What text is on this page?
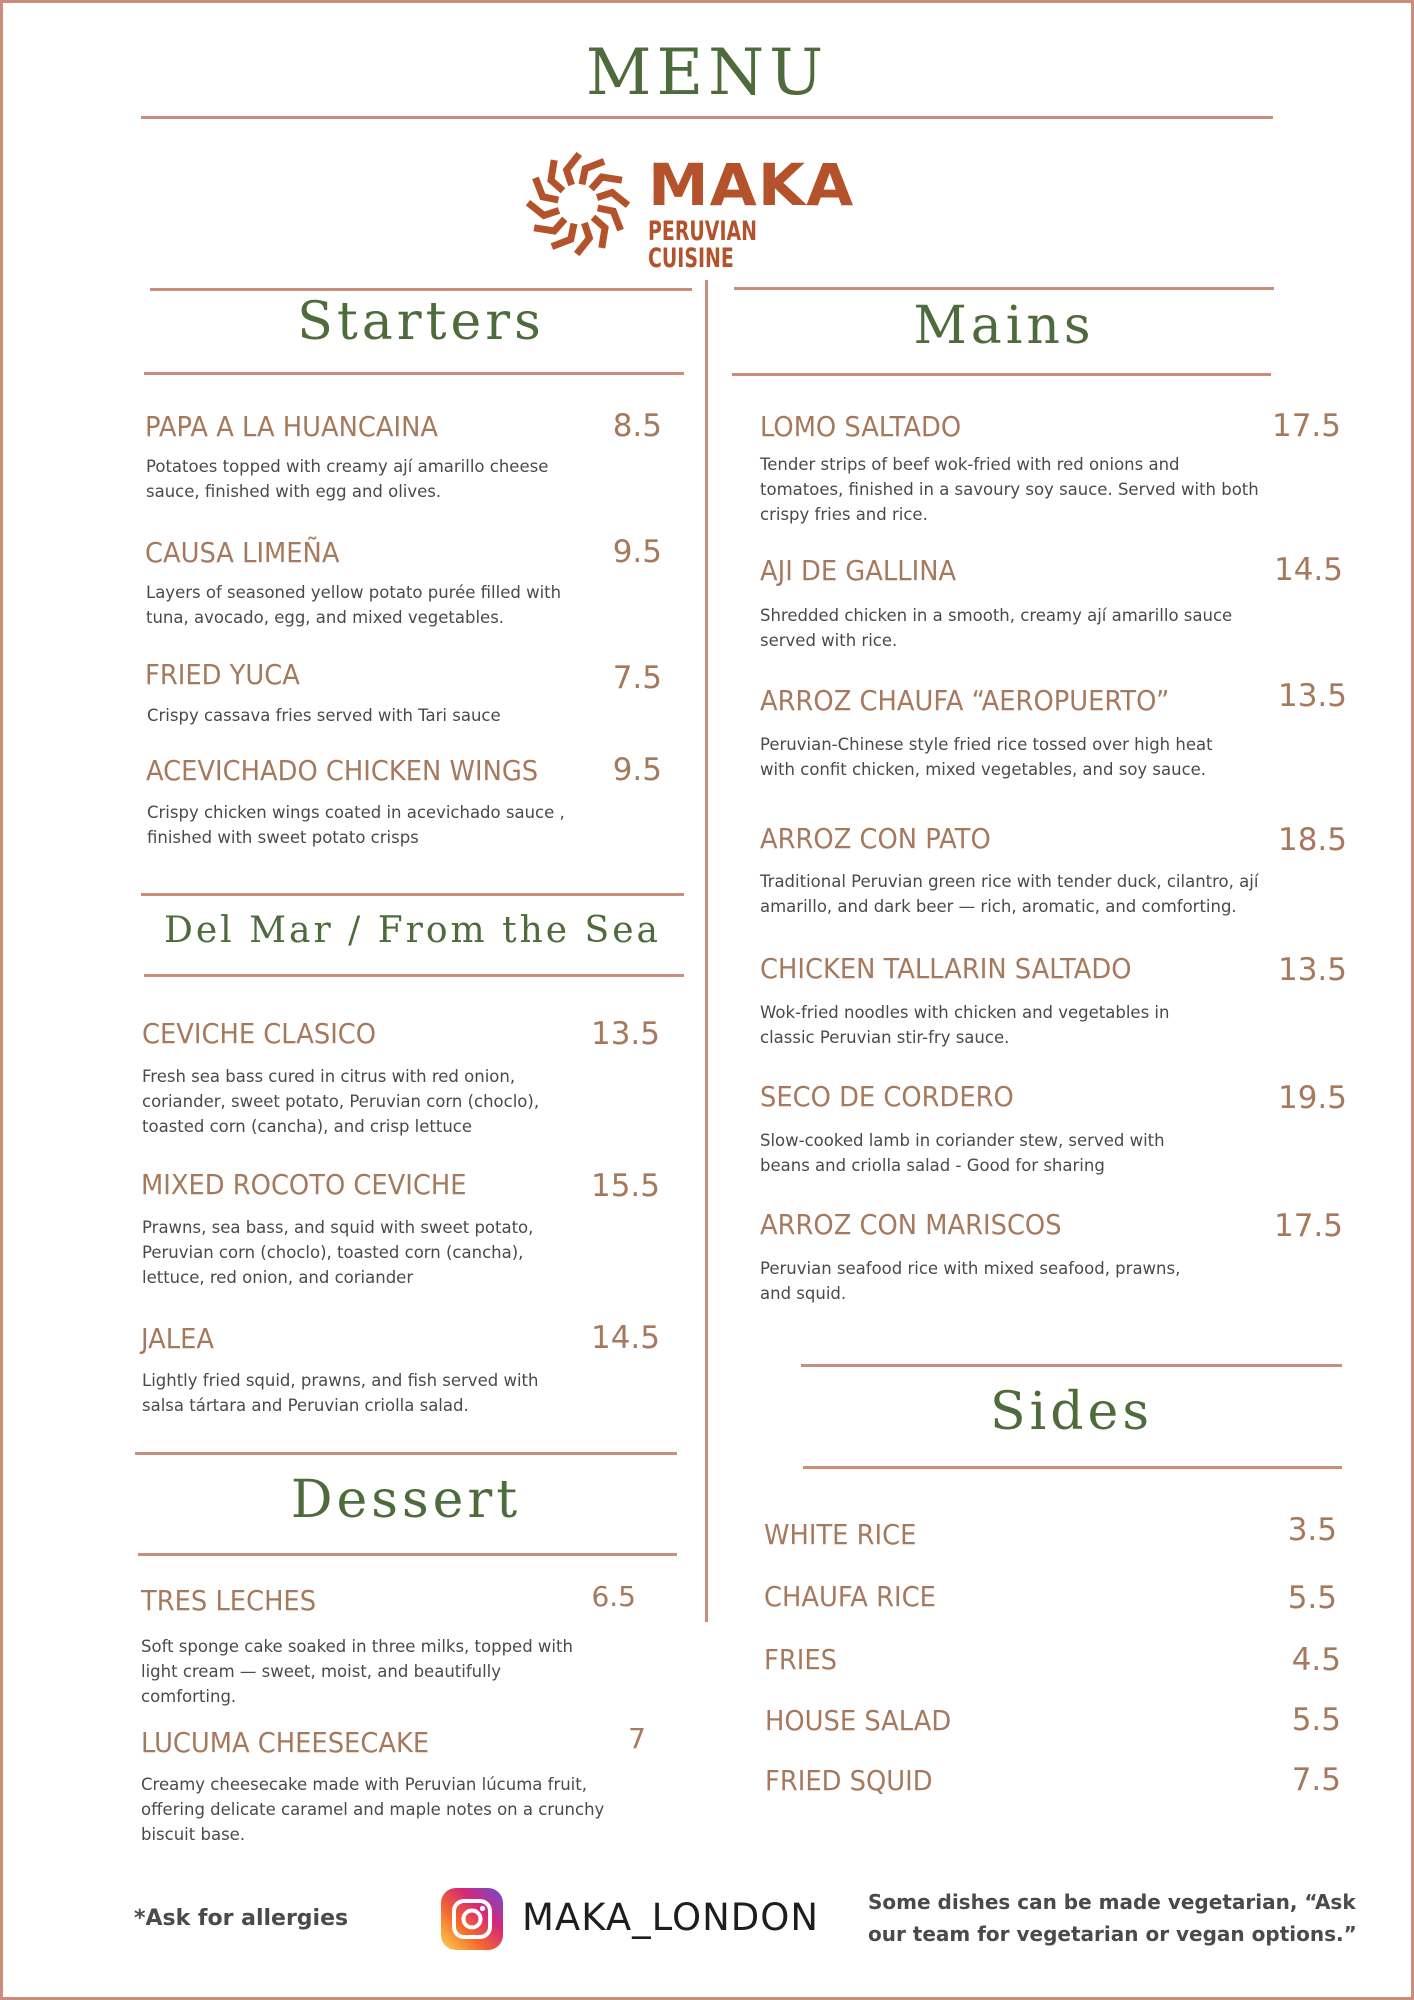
MENU
MAKA
PERUVIAN CUISINE
Starters
PAPA A LA HUANCAINA	8.5
Potatoes topped with creamy ají amarillo cheese sauce, finished with egg and olives.
CAUSA LIMEÑA	9.5
Layers of seasoned yellow potato purée filled with tuna, avocado, egg, and mixed vegetables.
FRIED YUCA	7.5
Crispy cassava fries served with Tari sauce
ACEVICHADO CHICKEN WINGS 9.5
Crispy chicken wings coated in acevichado sauce , finished with sweet potato crisps
Del Mar / From the Sea
CEVICHE CLASICO	13.5
Fresh sea bass cured in citrus with red onion, coriander, sweet potato, Peruvian corn (choclo), toasted corn (cancha), and crisp lettuce
MIXED ROCOTO CEVICHE	15.5
Prawns, sea bass, and squid with sweet potato, Peruvian corn (choclo), toasted corn (cancha), lettuce, red onion, and coriander
JALEA	14.5
Lightly fried squid, prawns, and fish served with salsa tártara and Peruvian criolla salad.
Dessert
TRES LECHES	6.5
Soft sponge cake soaked in three milks, topped with light cream — sweet, moist, and beautifully comforting.
LUCUMA CHEESECAKE	7
Creamy cheesecake made with Peruvian lúcuma fruit, offering delicate caramel and maple notes on a crunchy biscuit base.
Mains
LOMO SALTADO	17.5
Tender strips of beef wok-fried with red onions and tomatoes, finished in a savoury soy sauce. Served with both crispy fries and rice.
AJI DE GALLINA	14.5
Shredded chicken in a smooth, creamy ají amarillo sauce served with rice.
ARROZ CHAUFA “AEROPUERTO”	13.5
Peruvian-Chinese style fried rice tossed over high heat with confit chicken, mixed vegetables, and soy sauce.
ARROZ CON PATO	18.5
Traditional Peruvian green rice with tender duck, cilantro, ají amarillo, and dark beer — rich, aromatic, and comforting.
CHICKEN TALLARIN SALTADO	13.5
Wok-fried noodles with chicken and vegetables in classic Peruvian stir-fry sauce.
SECO DE CORDERO	19.5
Slow-cooked lamb in coriander stew, served with beans and criolla salad - Good for sharing
ARROZ CON MARISCOS	17.5
Peruvian seafood rice with mixed seafood, prawns, and squid.
Sides
WHITE RICE	3.5
CHAUFA RICE	5.5
FRIES	4.5
HOUSE SALAD	5.5
FRIED SQUID	7.5
*Ask for allergies	MAKA_LONDON Some dishes can be made vegetarian, “Ask our team for vegetarian or vegan options.”
